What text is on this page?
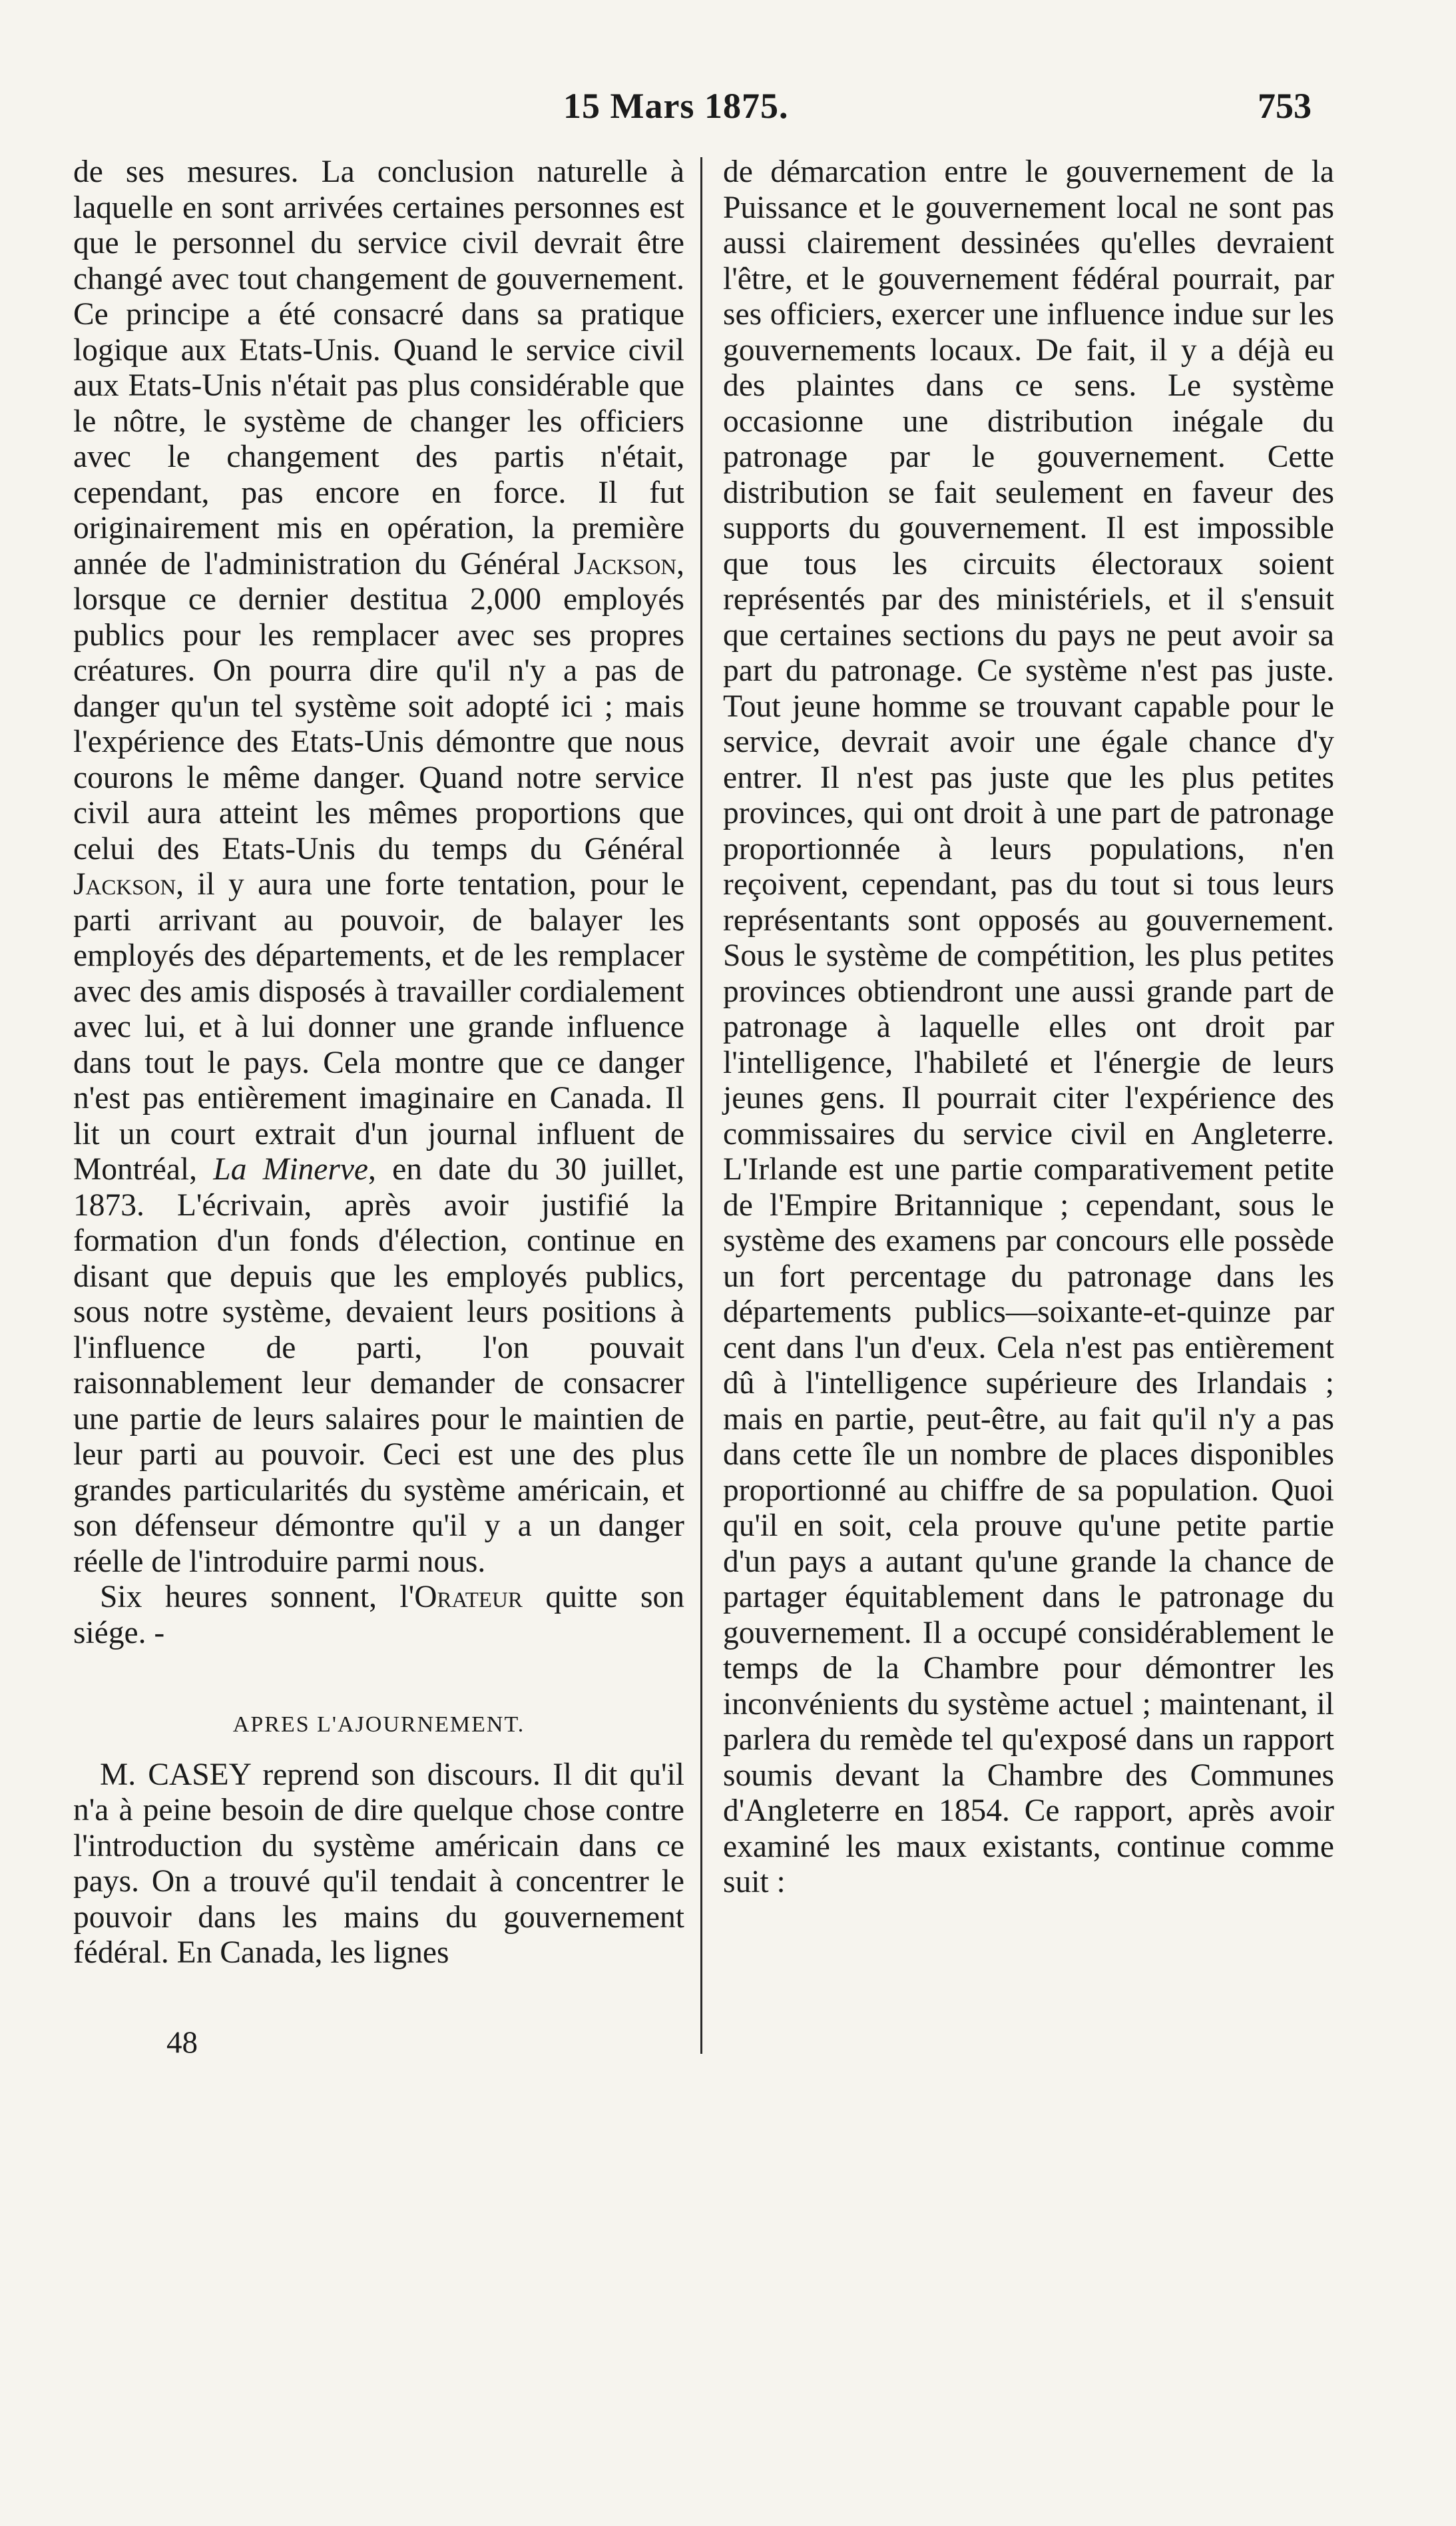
15 Mars 1875.	753

de ses mesures. La conclusion naturelle à laquelle en sont arrivées certaines personnes est que le personnel du service civil devrait être changé avec tout changement de gouvernement. Ce principe a été consacré dans sa pratique logique aux Etats-Unis. Quand le service civil aux Etats-Unis n'était pas plus considérable que le nôtre, le système de changer les officiers avec le changement des partis n'était, cependant, pas encore en force. Il fut originairement mis en opération, la première année de l'administration du Général Jackson, lorsque ce dernier destitua 2,000 employés publics pour les remplacer avec ses propres créatures. On pourra dire qu'il n'y a pas de danger qu'un tel système soit adopté ici ; mais l'expérience des Etats-Unis démontre que nous courons le même danger. Quand notre service civil aura atteint les mêmes proportions que celui des Etats-Unis du temps du Général Jackson, il y aura une forte tentation, pour le parti arrivant au pouvoir, de balayer les employés des départements, et de les remplacer avec des amis disposés à travailler cordialement avec lui, et à lui donner une grande influence dans tout le pays. Cela montre que ce danger n'est pas entièrement imaginaire en Canada. Il lit un court extrait d'un journal influent de Montréal, La Minerve, en date du 30 juillet, 1873. L'écrivain, après avoir justifié la formation d'un fonds d'élection, continue en disant que depuis que les employés publics, sous notre système, devaient leurs positions à l'influence de parti, l'on pouvait raisonnablement leur demander de consacrer une partie de leurs salaires pour le maintien de leur parti au pouvoir. Ceci est une des plus grandes particularités du système américain, et son défenseur démontre qu'il y a un danger réelle de l'introduire parmi nous.

Six heures sonnent, l'Orateur quitte son siége. -

APRES L'AJOURNEMENT.

M. CASEY reprend son discours. Il dit qu'il n'a à peine besoin de dire quelque chose contre l'introduction du système américain dans ce pays. On a trouvé qu'il tendait à concentrer le pouvoir dans les mains du gouvernement fédéral. En Canada, les lignes

de démarcation entre le gouvernement de la Puissance et le gouvernement local ne sont pas aussi clairement dessinées qu'elles devraient l'être, et le gouvernement fédéral pourrait, par ses officiers, exercer une influence indue sur les gouvernements locaux. De fait, il y a déjà eu des plaintes dans ce sens. Le système occasionne une distribution inégale du patronage par le gouvernement. Cette distribution se fait seulement en faveur des supports du gouvernement. Il est impossible que tous les circuits électoraux soient représentés par des ministériels, et il s'ensuit que certaines sections du pays ne peut avoir sa part du patronage. Ce système n'est pas juste. Tout jeune homme se trouvant capable pour le service, devrait avoir une égale chance d'y entrer. Il n'est pas juste que les plus petites provinces, qui ont droit à une part de patronage proportionnée à leurs populations, n'en reçoivent, cependant, pas du tout si tous leurs représentants sont opposés au gouvernement. Sous le système de compétition, les plus petites provinces obtiendront une aussi grande part de patronage à laquelle elles ont droit par l'intelligence, l'habileté et l'énergie de leurs jeunes gens. Il pourrait citer l'expérience des commissaires du service civil en Angleterre. L'Irlande est une partie comparativement petite de l'Empire Britannique ; cependant, sous le système des examens par concours elle possède un fort percentage du patronage dans les départements publics—soixante-et-quinze par cent dans l'un d'eux. Cela n'est pas entièrement dû à l'intelligence supérieure des Irlandais ; mais en partie, peut-être, au fait qu'il n'y a pas dans cette île un nombre de places disponibles proportionné au chiffre de sa population. Quoi qu'il en soit, cela prouve qu'une petite partie d'un pays a autant qu'une grande la chance de partager équitablement dans le patronage du gouvernement. Il a occupé considérablement le temps de la Chambre pour démontrer les inconvénients du système actuel ; maintenant, il parlera du remède tel qu'exposé dans un rapport soumis devant la Chambre des Communes d'Angleterre en 1854. Ce rapport, après avoir examiné les maux existants, continue comme suit :

48
